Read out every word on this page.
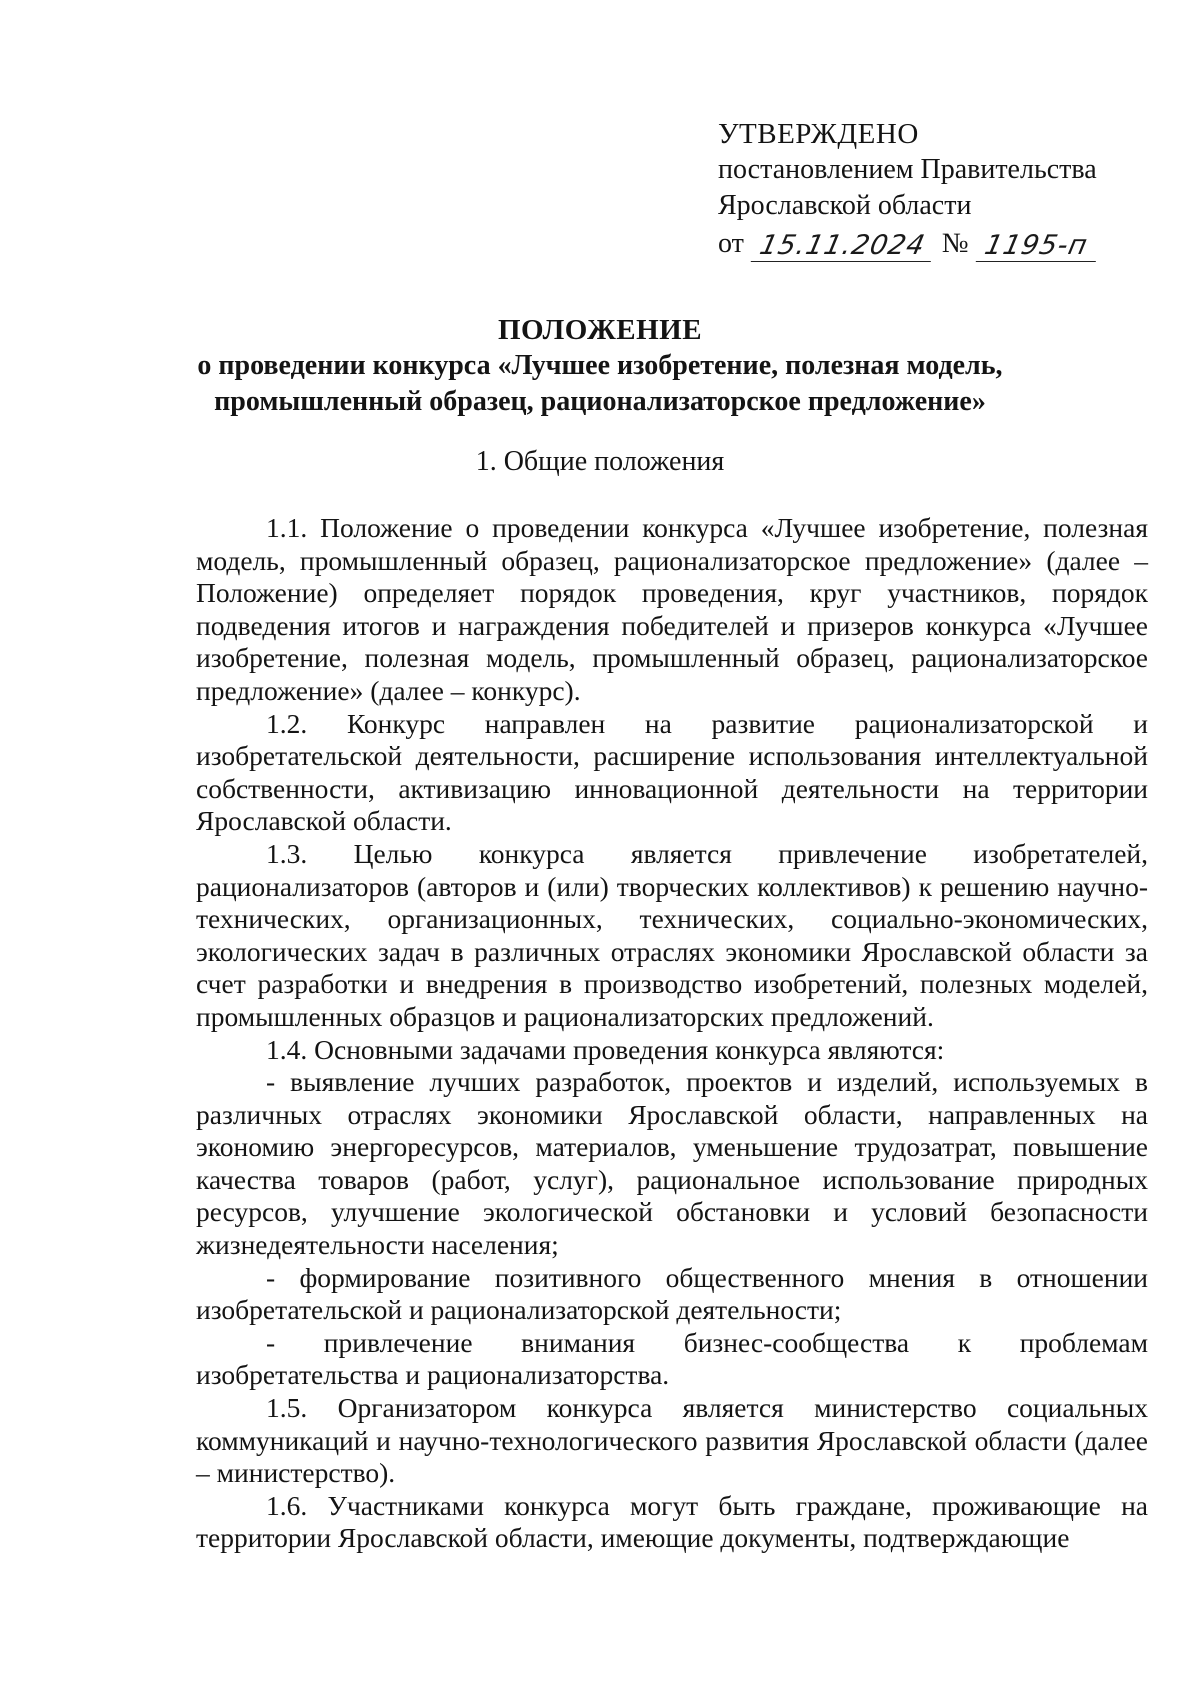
УТВЕРЖДЕНО
постановлением Правительства
Ярославской области
от 15.11.2024 № 1195-п
ПОЛОЖЕНИЕ
о проведении конкурса «Лучшее изобретение, полезная модель,
промышленный образец, рационализаторское предложение»
1. Общие положения

1.1. Положение о проведении конкурса «Лучшее изобретение, полезная модель, промышленный образец, рационализаторское предложение» (далее – Положение) определяет порядок проведения, круг участников, порядок подведения итогов и награждения победителей и призеров конкурса «Лучшее изобретение, полезная модель, промышленный образец, рационализаторское предложение» (далее – конкурс).

1.2. Конкурс направлен на развитие рационализаторской и изобретательской деятельности, расширение использования интеллектуальной собственности, активизацию инновационной деятельности на территории Ярославской области.

1.3. Целью конкурса является привлечение изобретателей, рационализаторов (авторов и (или) творческих коллективов) к решению научно-технических, организационных, технических, социально-экономических, экологических задач в различных отраслях экономики Ярославской области за счет разработки и внедрения в производство изобретений, полезных моделей, промышленных образцов и рационализаторских предложений.

1.4. Основными задачами проведения конкурса являются:

- выявление лучших разработок, проектов и изделий, используемых в различных отраслях экономики Ярославской области, направленных на экономию энергоресурсов, материалов, уменьшение трудозатрат, повышение качества товаров (работ, услуг), рациональное использование природных ресурсов, улучшение экологической обстановки и условий безопасности жизнедеятельности населения;

- формирование позитивного общественного мнения в отношении изобретательской и рационализаторской деятельности;

- привлечение внимания бизнес-сообщества к проблемам изобретательства и рационализаторства.

1.5. Организатором конкурса является министерство социальных коммуникаций и научно-технологического развития Ярославской области (далее – министерство).

1.6. Участниками конкурса могут быть граждане, проживающие на территории Ярославской области, имеющие документы, подтверждающие
